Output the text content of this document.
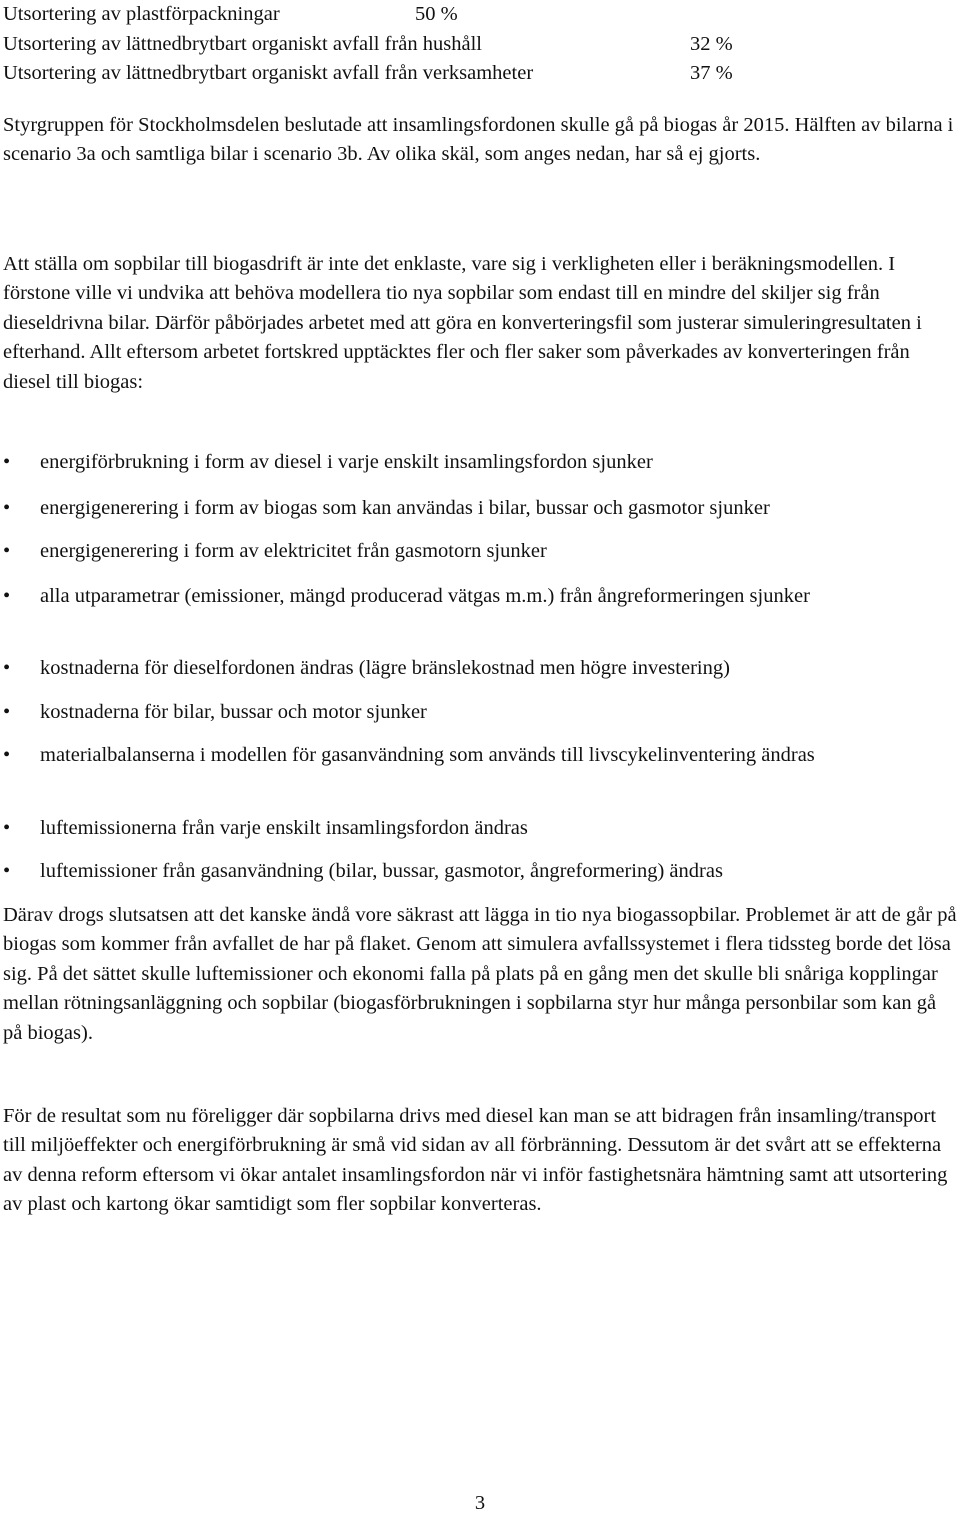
Utsortering av plastförpackningar	50 %
Utsortering av lättnedbrytbart organiskt avfall från hushåll	32 %
Utsortering av lättnedbrytbart organiskt avfall från verksamheter	37 %

Styrgruppen för Stockholmsdelen beslutade att insamlingsfordonen skulle gå på biogas år 2015. Hälften av bilarna i scenario 3a och samtliga bilar i scenario 3b. Av olika skäl, som anges nedan, har så ej gjorts.

Att ställa om sopbilar till biogasdrift är inte det enklaste, vare sig i verkligheten eller i beräkningsmodellen. I förstone ville vi undvika att behöva modellera tio nya sopbilar som endast till en mindre del skiljer sig från dieseldrivna bilar. Därför påbörjades arbetet med att göra en konverteringsfil som justerar simuleringresultaten i efterhand. Allt eftersom arbetet fortskred upptäcktes fler och fler saker som påverkades av konverteringen från diesel till biogas:

•	energiförbrukning i form av diesel i varje enskilt insamlingsfordon sjunker
•	energigenerering i form av biogas som kan användas i bilar, bussar och gasmotor sjunker
•	energigenerering i form av elektricitet från gasmotorn sjunker
•	alla utparametrar (emissioner, mängd producerad vätgas m.m.) från ångreformeringen sjunker
•	kostnaderna för dieselfordonen ändras (lägre bränslekostnad men högre investering)
•	kostnaderna för bilar, bussar och motor sjunker
•	materialbalanserna i modellen för gasanvändning som används till livscykelinventering ändras
•	luftemissionerna från varje enskilt insamlingsfordon ändras
•	luftemissioner från gasanvändning (bilar, bussar, gasmotor, ångreformering) ändras

Därav drogs slutsatsen att det kanske ändå vore säkrast att lägga in tio nya biogassopbilar. Problemet är att de går på biogas som kommer från avfallet de har på flaket. Genom att simulera avfallssystemet i flera tidssteg borde det lösa sig. På det sättet skulle luftemissioner och ekonomi falla på plats på en gång men det skulle bli snåriga kopplingar mellan rötningsanläggning och sopbilar (biogasförbrukningen i sopbilarna styr hur många personbilar som kan gå på biogas).

För de resultat som nu föreligger där sopbilarna drivs med diesel kan man se att bidragen från insamling/transport till miljöeffekter och energiförbrukning är små vid sidan av all förbränning. Dessutom är det svårt att se effekterna av denna reform eftersom vi ökar antalet insamlingsfordon när vi inför fastighetsnära hämtning samt att utsortering av plast och kartong ökar samtidigt som fler sopbilar konverteras.

3
